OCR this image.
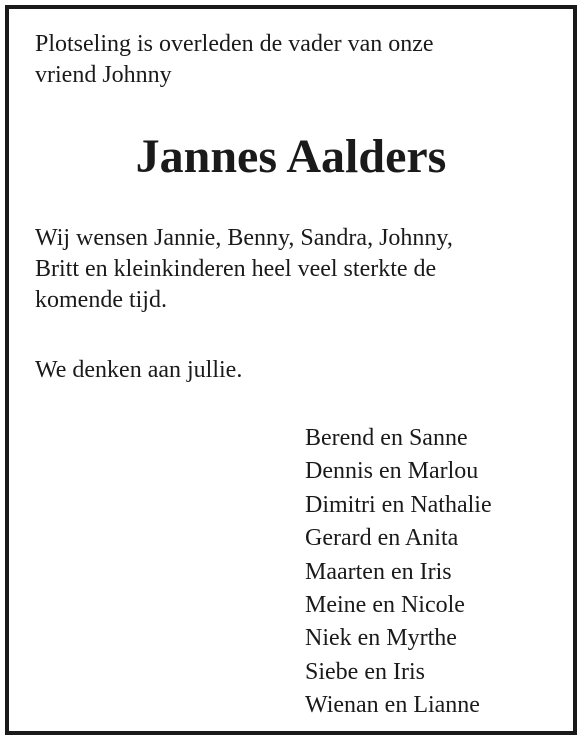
Plotseling is overleden de vader van onze
vriend Johnny

Jannes Aalders

Wij wensen Jannie, Benny, Sandra, Johnny,
Britt en kleinkinderen heel veel sterkte de
komende tijd.

We denken aan jullie.

Berend en Sanne
Dennis en Marlou
Dimitri en Nathalie
Gerard en Anita
Maarten en Iris
Meine en Nicole
Niek en Myrthe
Siebe en Iris
Wienan en Lianne
